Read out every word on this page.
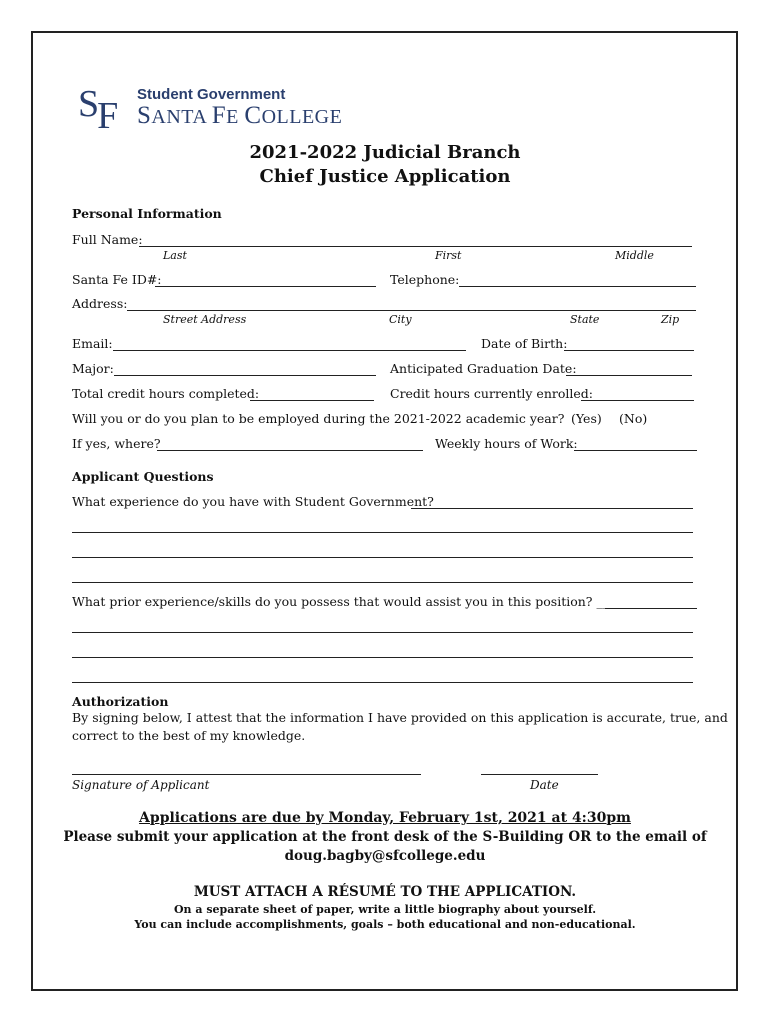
SF
Student Government
SANTA FE COLLEGE
2021-2022 Judicial Branch
Chief Justice Application
Personal Information
Full Name:
Last	First	Middle
Santa Fe ID#:	Telephone:
Address:
Street Address	City	State	Zip
Email:	Date of Birth:
Major:	Anticipated Graduation Date:
Total credit hours completed:	Credit hours currently enrolled:
Will you or do you plan to be employed during the 2021-2022 academic year? (Yes) (No)
If yes, where?	Weekly hours of Work:
Applicant Questions
What experience do you have with Student Government?
What prior experience/skills do you possess that would assist you in this position? _______
Authorization
By signing below, I attest that the information I have provided on this application is accurate, true, and
correct to the best of my knowledge.
Signature of Applicant	Date
Applications are due by Monday, February 1st, 2021 at 4:30pm
Please submit your application at the front desk of the S-Building OR to the email of
doug.bagby@sfcollege.edu
MUST ATTACH A RÉSUMÉ TO THE APPLICATION.
On a separate sheet of paper, write a little biography about yourself.
You can include accomplishments, goals – both educational and non-educational.
